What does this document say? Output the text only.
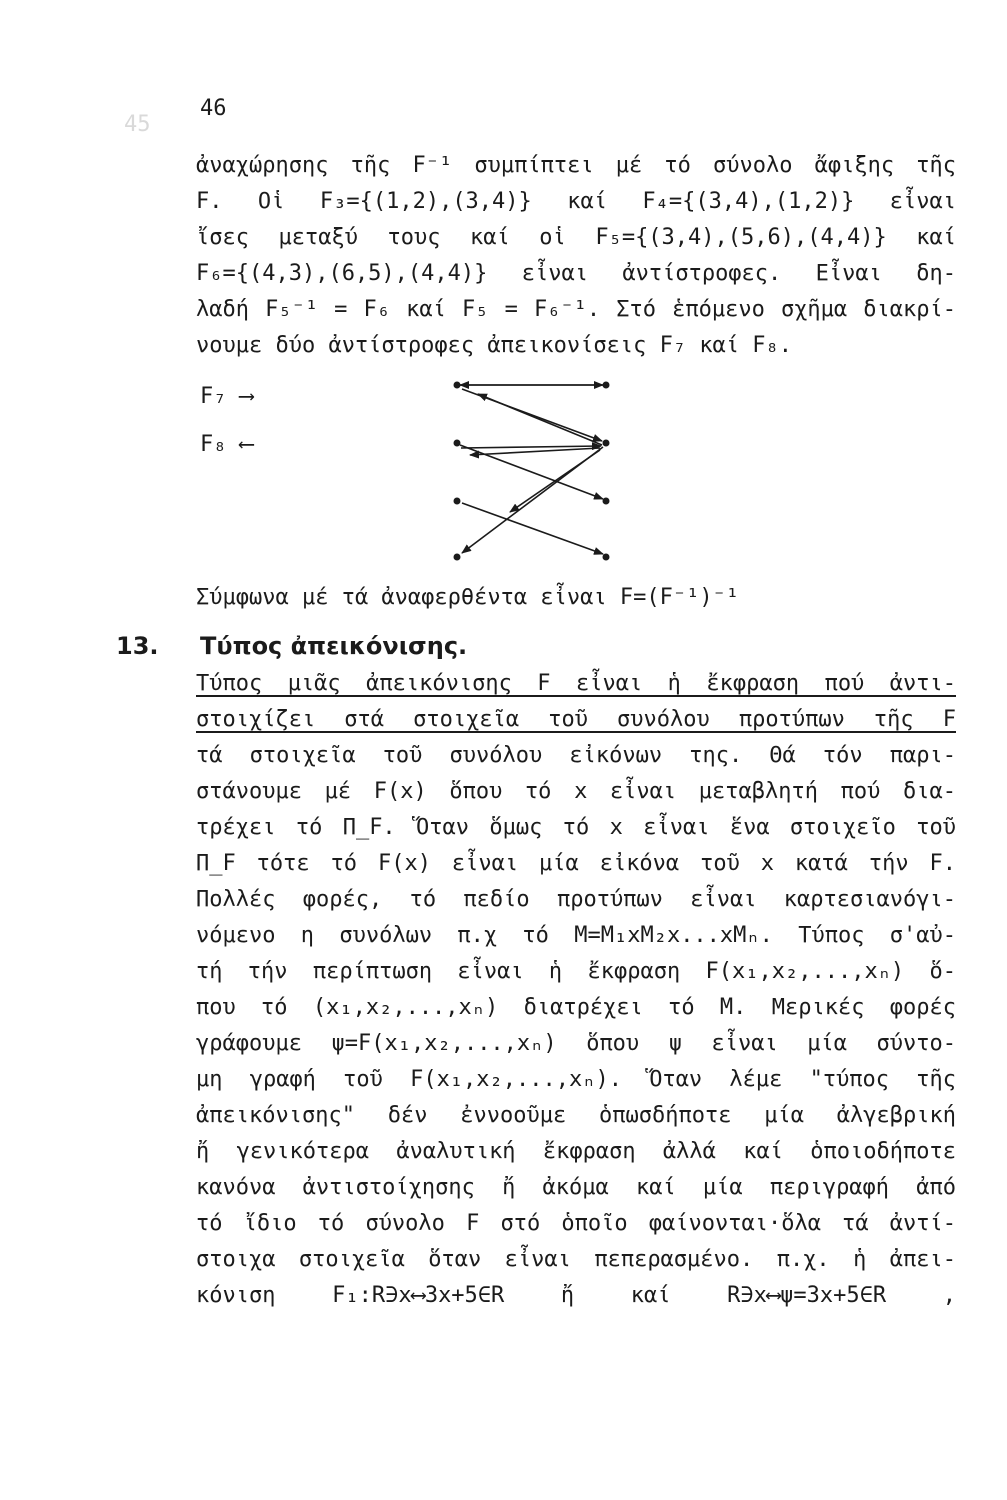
45
46
ἀναχώρησης τῆς F⁻¹ συμπίπτει μέ τό σύνολο ἄφιξης τῆς
F. Οἱ F₃={(1,2),(3,4)} καί F₄={(3,4),(1,2)} εἶναι
ἴσες μεταξύ τους καί οἱ F₅={(3,4),(5,6),(4,4)} καί
F₆={(4,3),(6,5),(4,4)} εἶναι ἀντίστροφες. Εἶναι δη-
λαδή F₅⁻¹ = F₆ καί F₅ = F₆⁻¹. Στό ἑπόμενο σχῆμα διακρί-
νουμε δύο ἀντίστροφες ἀπεικονίσεις F₇ καί F₈.
F₇ ⟶
F₈ ⟵
Σύμφωνα μέ τά ἀναφερθέντα εἶναι F=(F⁻¹)⁻¹
13. Τύπος ἀπεικόνισης.
Τύπος μιᾶς ἀπεικόνισης F εἶναι ἡ ἔκφραση πού ἀντι-
στοιχίζει στά στοιχεῖα τοῦ συνόλου προτύπων τῆς F
τά στοιχεῖα τοῦ συνόλου εἰκόνων της. Θά τόν παρι-
στάνουμε μέ F(x) ὅπου τό x εἶναι μεταβλητή πού δια-
τρέχει τό Π_F. Ὅταν ὅμως τό x εἶναι ἕνα στοιχεῖο τοῦ
Π_F τότε τό F(x) εἶναι μία εἰκόνα τοῦ x κατά τήν F.
Πολλές φορές, τό πεδίο προτύπων εἶναι καρτεσιανόγι-
νόμενο η συνόλων π.χ τό M=M₁xM₂x...xMₙ. Τύπος σ'αὐ-
τή τήν περίπτωση εἶναι ἡ ἔκφραση F(x₁,x₂,...,xₙ) ὅ-
που τό (x₁,x₂,...,xₙ) διατρέχει τό M. Μερικές φορές
γράφουμε ψ=F(x₁,x₂,...,xₙ) ὅπου ψ εἶναι μία σύντο-
μη γραφή τοῦ F(x₁,x₂,...,xₙ). Ὅταν λέμε "τύπος τῆς
ἀπεικόνισης" δέν ἐννοοῦμε ὁπωσδήποτε μία ἀλγεβρική
ἤ γενικότερα ἀναλυτική ἔκφραση ἀλλά καί ὁποιοδήποτε
κανόνα ἀντιστοίχησης ἤ ἀκόμα καί μία περιγραφή ἀπό
τό ἴδιο τό σύνολο F στό ὁποῖο φαίνονται·ὅλα τά ἀντί-
στοιχα στοιχεῖα ὅταν εἶναι πεπερασμένο. π.χ. ἡ ἀπει-
κόνιση F₁:R∋x⟷3x+5∈R ἤ καί R∋x⟷ψ=3x+5∈R ,
